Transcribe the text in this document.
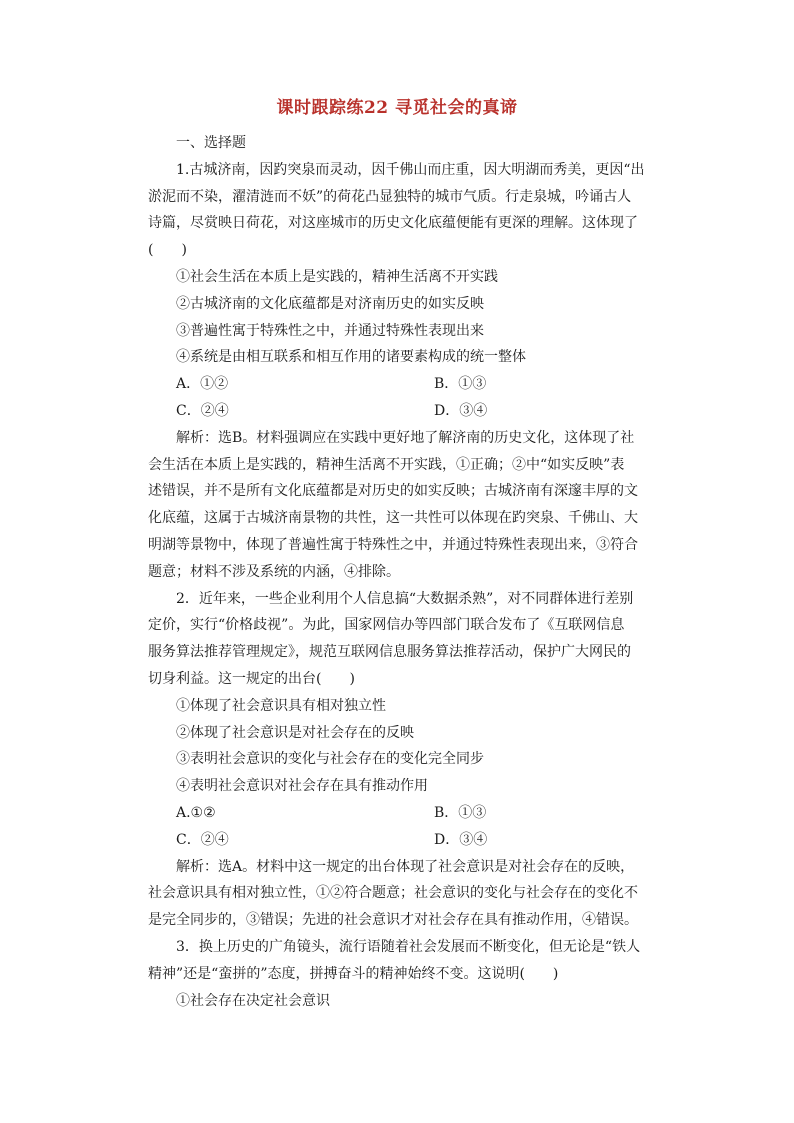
课时跟踪练22 寻觅社会的真谛

一、选择题

1.古城济南，因趵突泉而灵动，因千佛山而庄重，因大明湖而秀美，更因“出

淤泥而不染，濯清涟而不妖”的荷花凸显独特的城市气质。行走泉城，吟诵古人

诗篇，尽赏映日荷花，对这座城市的历史文化底蕴便能有更深的理解。这体现了

(　　)

①社会生活在本质上是实践的，精神生活离不开实践

②古城济南的文化底蕴都是对济南历史的如实反映

③普遍性寓于特殊性之中，并通过特殊性表现出来

④系统是由相互联系和相互作用的诸要素构成的统一整体

A．①②	B．①③
C．②④	D．③④

解析：选B。材料强调应在实践中更好地了解济南的历史文化，这体现了社

会生活在本质上是实践的，精神生活离不开实践，①正确；②中“如实反映”表

述错误，并不是所有文化底蕴都是对历史的如实反映；古城济南有深邃丰厚的文

化底蕴，这属于古城济南景物的共性，这一共性可以体现在趵突泉、千佛山、大

明湖等景物中，体现了普遍性寓于特殊性之中，并通过特殊性表现出来，③符合

题意；材料不涉及系统的内涵，④排除。

2．近年来，一些企业利用个人信息搞“大数据杀熟”，对不同群体进行差别

定价，实行“价格歧视”。为此，国家网信办等四部门联合发布了《互联网信息

服务算法推荐管理规定》，规范互联网信息服务算法推荐活动，保护广大网民的

切身利益。这一规定的出台(　　)

①体现了社会意识具有相对独立性

②体现了社会意识是对社会存在的反映

③表明社会意识的变化与社会存在的变化完全同步

④表明社会意识对社会存在具有推动作用

A.①②	B．①③
C．②④	D．③④

解析：选A。材料中这一规定的出台体现了社会意识是对社会存在的反映，

社会意识具有相对独立性，①②符合题意；社会意识的变化与社会存在的变化不

是完全同步的，③错误；先进的社会意识才对社会存在具有推动作用，④错误。

3．换上历史的广角镜头，流行语随着社会发展而不断变化，但无论是“铁人

精神”还是“蛮拼的”态度，拼搏奋斗的精神始终不变。这说明(　　)

①社会存在决定社会意识
